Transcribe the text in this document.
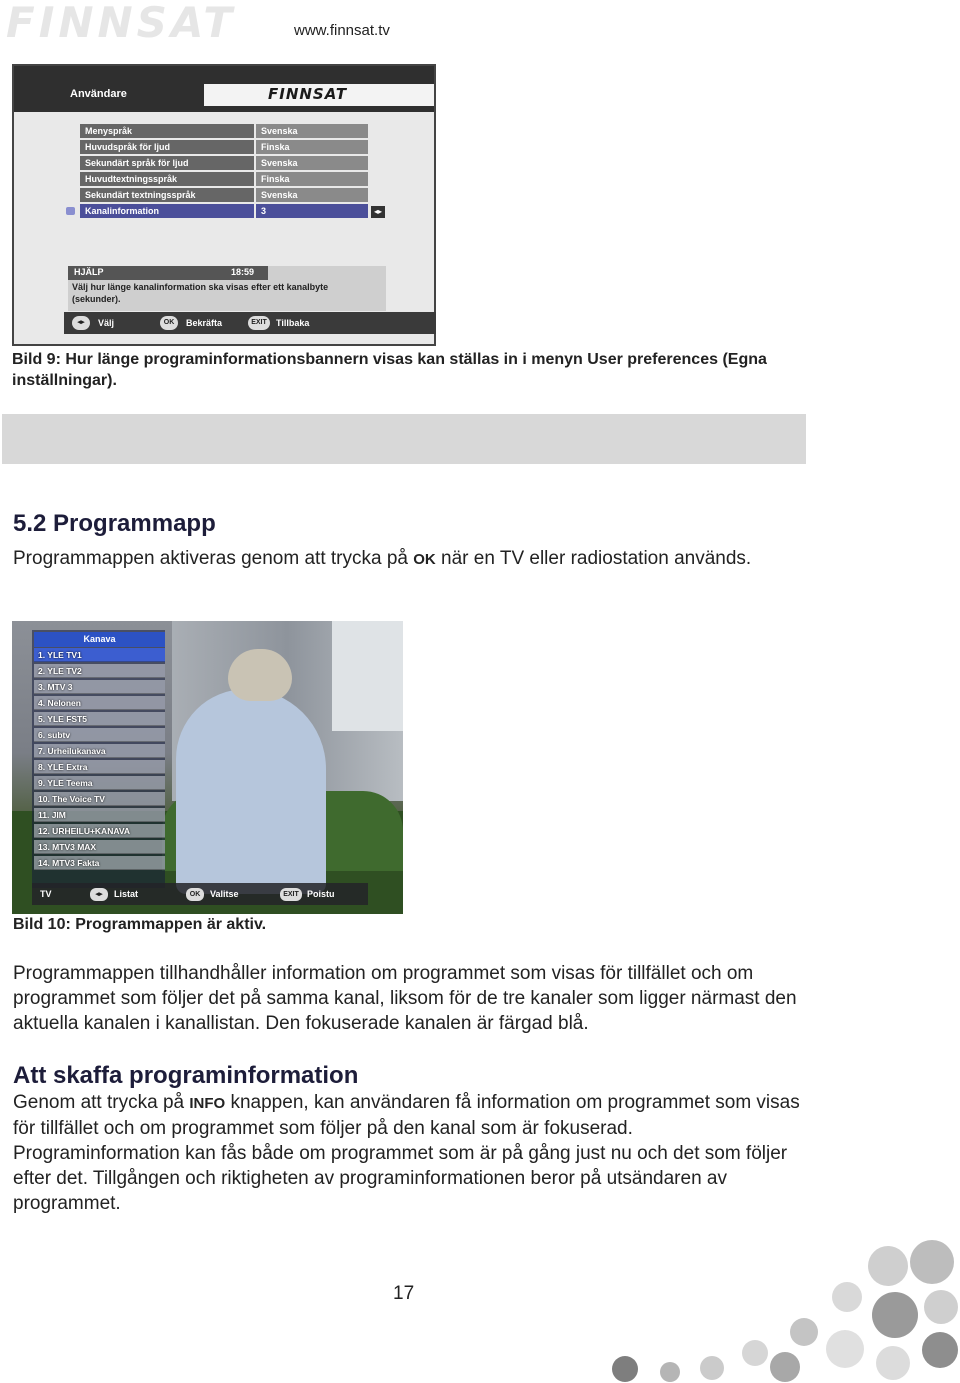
FINNSAT	www.finnsat.tv
Användare	FINNSAT
Menyspråk	Svenska
Huvudspråk för ljud	Finska
Sekundärt språk för ljud	Svenska
Huvudtextningsspråk	Finska
Sekundärt textningsspråk	Svenska
Kanalinformation	3	◂▸
HJÄLP	18:59
Välj hur länge kanalinformation ska visas efter ett kanalbyte (sekunder).
◂▸	Välj	OK	Bekräfta	EXIT	Tillbaka
Bild 9: Hur länge programinformationsbannern visas kan ställas in i menyn User preferences (Egna inställningar).
5.2 Programmapp
Programmappen aktiveras genom att trycka på OK när en TV eller radiostation används.
Kanava
1. YLE TV1
2. YLE TV2
3. MTV 3
4. Nelonen
5. YLE FST5
6. subtv
7. Urheilukanava
8. YLE Extra
9. YLE Teema
10. The Voice TV
11. JIM
12. URHEILU+KANAVA
13. MTV3 MAX
14. MTV3 Fakta
TV	◂▸	Listat	OK	Valitse	EXIT Poistu
Bild 10: Programmappen är aktiv.
Programmappen tillhandhåller information om programmet som visas för tillfället och om programmet som följer det på samma kanal, liksom för de tre kanaler som ligger närmast den aktuella kanalen i kanallistan. Den fokuserade kanalen är färgad blå.
Att skaffa programinformation
Genom att trycka på INFO knappen, kan användaren få information om programmet som visas för tillfället och om programmet som följer på den kanal som är fokuserad. Programinformation kan fås både om programmet som är på gång just nu och det som följer efter det. Tillgången och riktigheten av programinformationen beror på utsändaren av programmet.
17
